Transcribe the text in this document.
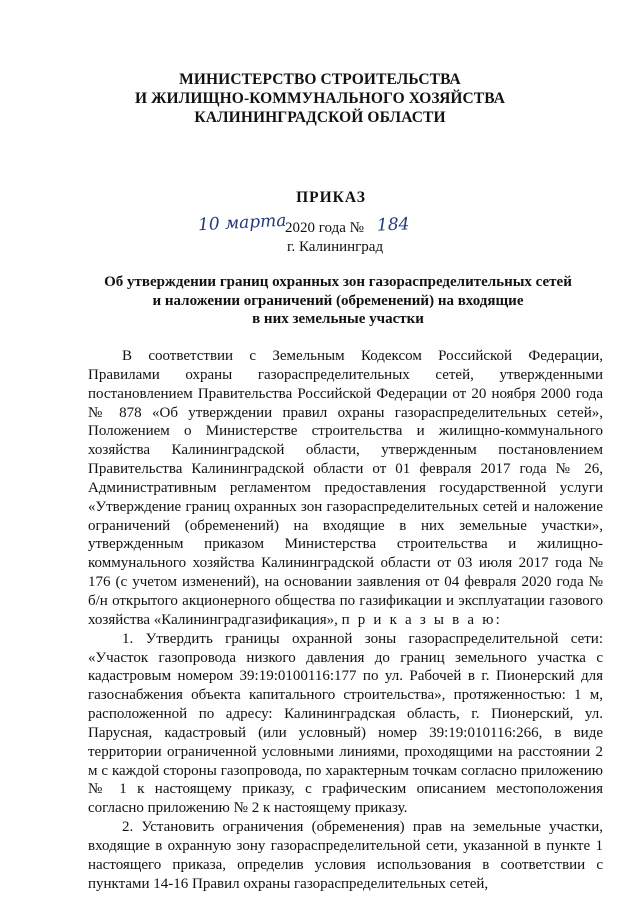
МИНИСТЕРСТВО СТРОИТЕЛЬСТВА
И ЖИЛИЩНО-КОММУНАЛЬНОГО ХОЗЯЙСТВА
КАЛИНИНГРАДСКОЙ ОБЛАСТИ
ПРИКАЗ
10 марта
2020 года № 184
г. Калининград
Об утверждении границ охранных зон газораспределительных сетей
и наложении ограничений (обременений) на входящие
в них земельные участки

В соответствии с Земельным Кодексом Российской Федерации, Правилами охраны газораспределительных сетей, утвержденными постановлением Правительства Российской Федерации от 20 ноября 2000 года № 878 «Об утверждении правил охраны газораспределительных сетей», Положением о Министерстве строительства и жилищно-коммунального хозяйства Калининградской области, утвержденным постановлением Правительства Калининградской области от 01 февраля 2017 года № 26, Административным регламентом предоставления государственной услуги «Утверждение границ охранных зон газораспределительных сетей и наложение ограничений (обременений) на входящие в них земельные участки», утвержденным приказом Министерства строительства и жилищно-коммунального хозяйства Калининградской области от 03 июля 2017 года № 176 (с учетом изменений), на основании заявления от 04 февраля 2020 года № б/н открытого акционерного общества по газификации и эксплуатации газового хозяйства «Калининградгазификация», п р и к а з ы в а ю:

1. Утвердить границы охранной зоны газораспределительной сети: «Участок газопровода низкого давления до границ земельного участка с кадастровым номером 39:19:0100116:177 по ул. Рабочей в г. Пионерский для газоснабжения объекта капитального строительства», протяженностью: 1 м, расположенной по адресу: Калининградская область, г. Пионерский, ул. Парусная, кадастровый (или условный) номер 39:19:010116:266, в виде территории ограниченной условными линиями, проходящими на расстоянии 2 м с каждой стороны газопровода, по характерным точкам согласно приложению № 1 к настоящему приказу, с графическим описанием местоположения согласно приложению № 2 к настоящему приказу.

2. Установить ограничения (обременения) прав на земельные участки, входящие в охранную зону газораспределительной сети, указанной в пункте 1 настоящего приказа, определив условия использования в соответствии с пунктами 14-16 Правил охраны газораспределительных сетей,
